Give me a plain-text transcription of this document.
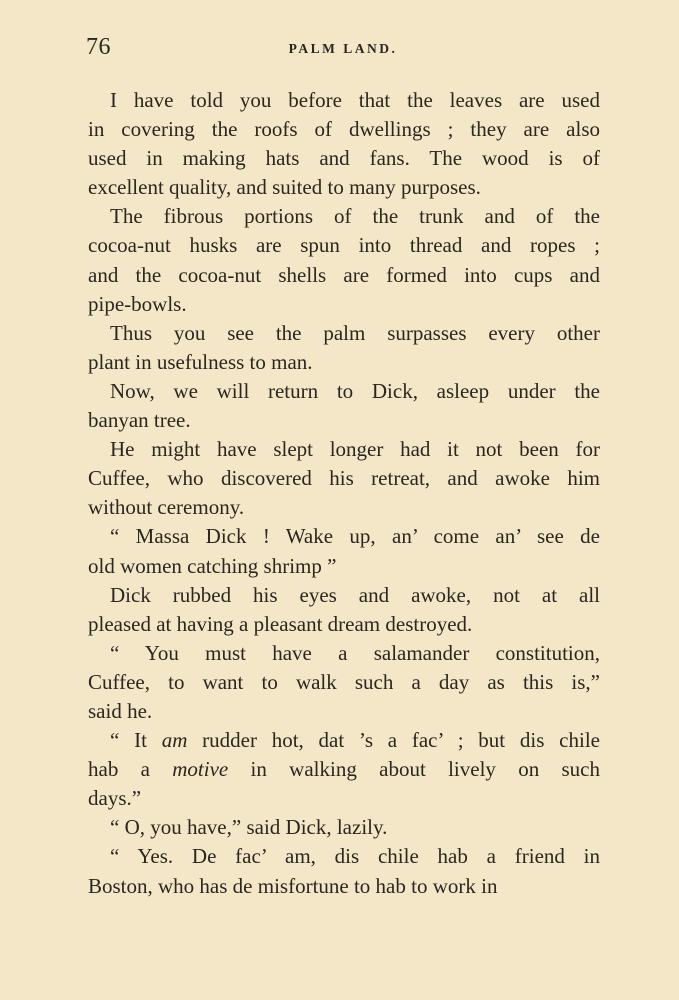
76	PALM LAND.
I have told you before that the leaves are used
in covering the roofs of dwellings ; they are also
used in making hats and fans. The wood is of
excellent quality, and suited to many purposes.
The fibrous portions of the trunk and of the
cocoa-nut husks are spun into thread and ropes ;
and the cocoa-nut shells are formed into cups and
pipe-bowls.
Thus you see the palm surpasses every other
plant in usefulness to man.
Now, we will return to Dick, asleep under the
banyan tree.
He might have slept longer had it not been for
Cuffee, who discovered his retreat, and awoke him
without ceremony.
“ Massa Dick ! Wake up, an’ come an’ see de
old women catching shrimp ”
Dick rubbed his eyes and awoke, not at all
pleased at having a pleasant dream destroyed.
“ You must have a salamander constitution,
Cuffee, to want to walk such a day as this is,”
said he.
“ It am rudder hot, dat ’s a fac’ ; but dis chile
hab a motive in walking about lively on such
days.”
“ O, you have,” said Dick, lazily.
“ Yes. De fac’ am, dis chile hab a friend in
Boston, who has de misfortune to hab to work in
